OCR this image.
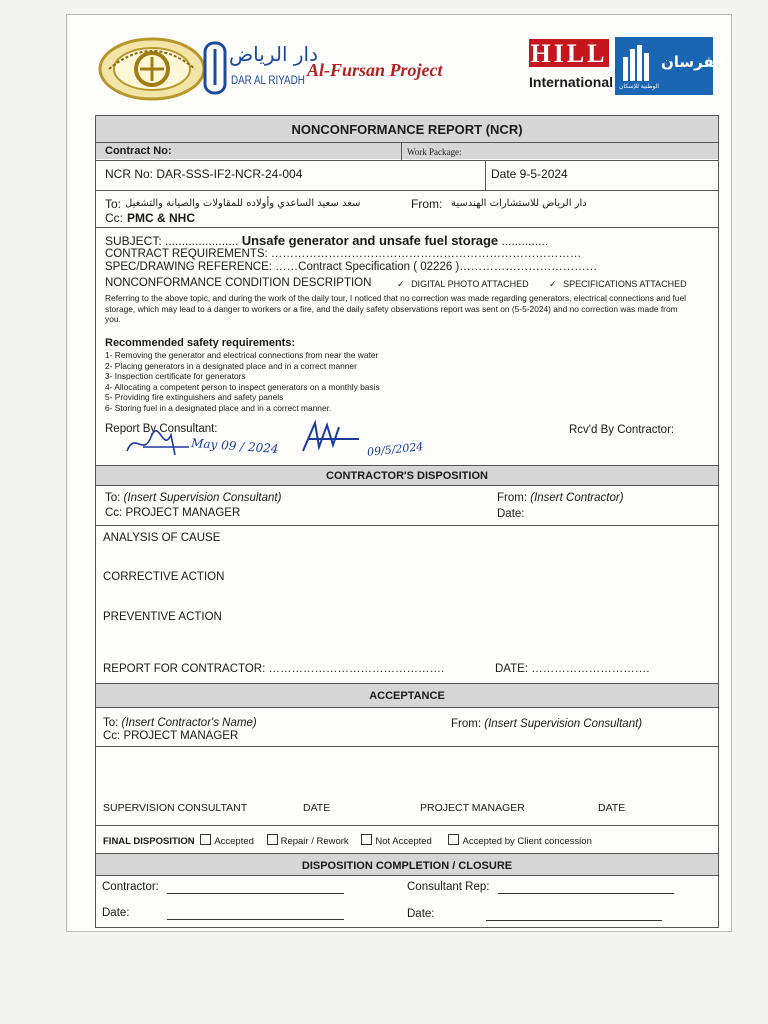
دار الرياض
DAR AL RIYADH Al-Fursan Project
HILL
International
الفرسان
الوطنية للإسكان
NONCONFORMANCE REPORT (NCR)
Contract No:	Work Package:
NCR No: DAR-SSS-IF2-NCR-24-004	Date 9-5-2024
To: سعد سعيد الساعدي وأولاده للمقاولات والصيانة والتشغيل
Cc: PMC & NHC
From: دار الرياض للاستشارات الهندسية
SUBJECT: ...................... Unsafe generator and unsafe fuel storage ..............
CONTRACT REQUIREMENTS: ………………………………………………………………………
SPEC/DRAWING REFERENCE: ……Contract Specification ( 02226 )………………………………
NONCONFORMANCE CONDITION DESCRIPTION	✓ DIGITAL PHOTO ATTACHED ✓ SPECIFICATIONS ATTACHED
Referring to the above topic, and during the work of the daily tour, I noticed that no correction was made regarding generators, electrical connections and fuel storage, which may lead to a danger to workers or a fire, and the daily safety observations report was sent on (5-5-2024) and no correction was made from you.
Recommended safety requirements:
1- Removing the generator and electrical connections from near the water
2- Placing generators in a designated place and in a correct manner
3- Inspection certificate for generators
4- Allocating a competent person to inspect generators on a monthly basis
5- Providing fire extinguishers and safety panels
6- Storing fuel in a designated place and in a correct manner.
Report By Consultant:
May 09 / 2024	09/5/2024
Rcv'd By Contractor:
CONTRACTOR'S DISPOSITION
To: (Insert Supervision Consultant)
Cc: PROJECT MANAGER
From: (Insert Contractor)
Date:
ANALYSIS OF CAUSE
CORRECTIVE ACTION
PREVENTIVE ACTION
REPORT FOR CONTRACTOR: ……………………………………….	DATE: ………………………….
ACCEPTANCE
To: (Insert Contractor's Name)
Cc: PROJECT MANAGER
From: (Insert Supervision Consultant)
SUPERVISION CONSULTANT	DATE	PROJECT MANAGER	DATE
FINAL DISPOSITION Accepted	Repair / Rework	Not Accepted	Accepted by Client concession
DISPOSITION COMPLETION / CLOSURE
Contractor:	Consultant Rep:
Date:	Date:
